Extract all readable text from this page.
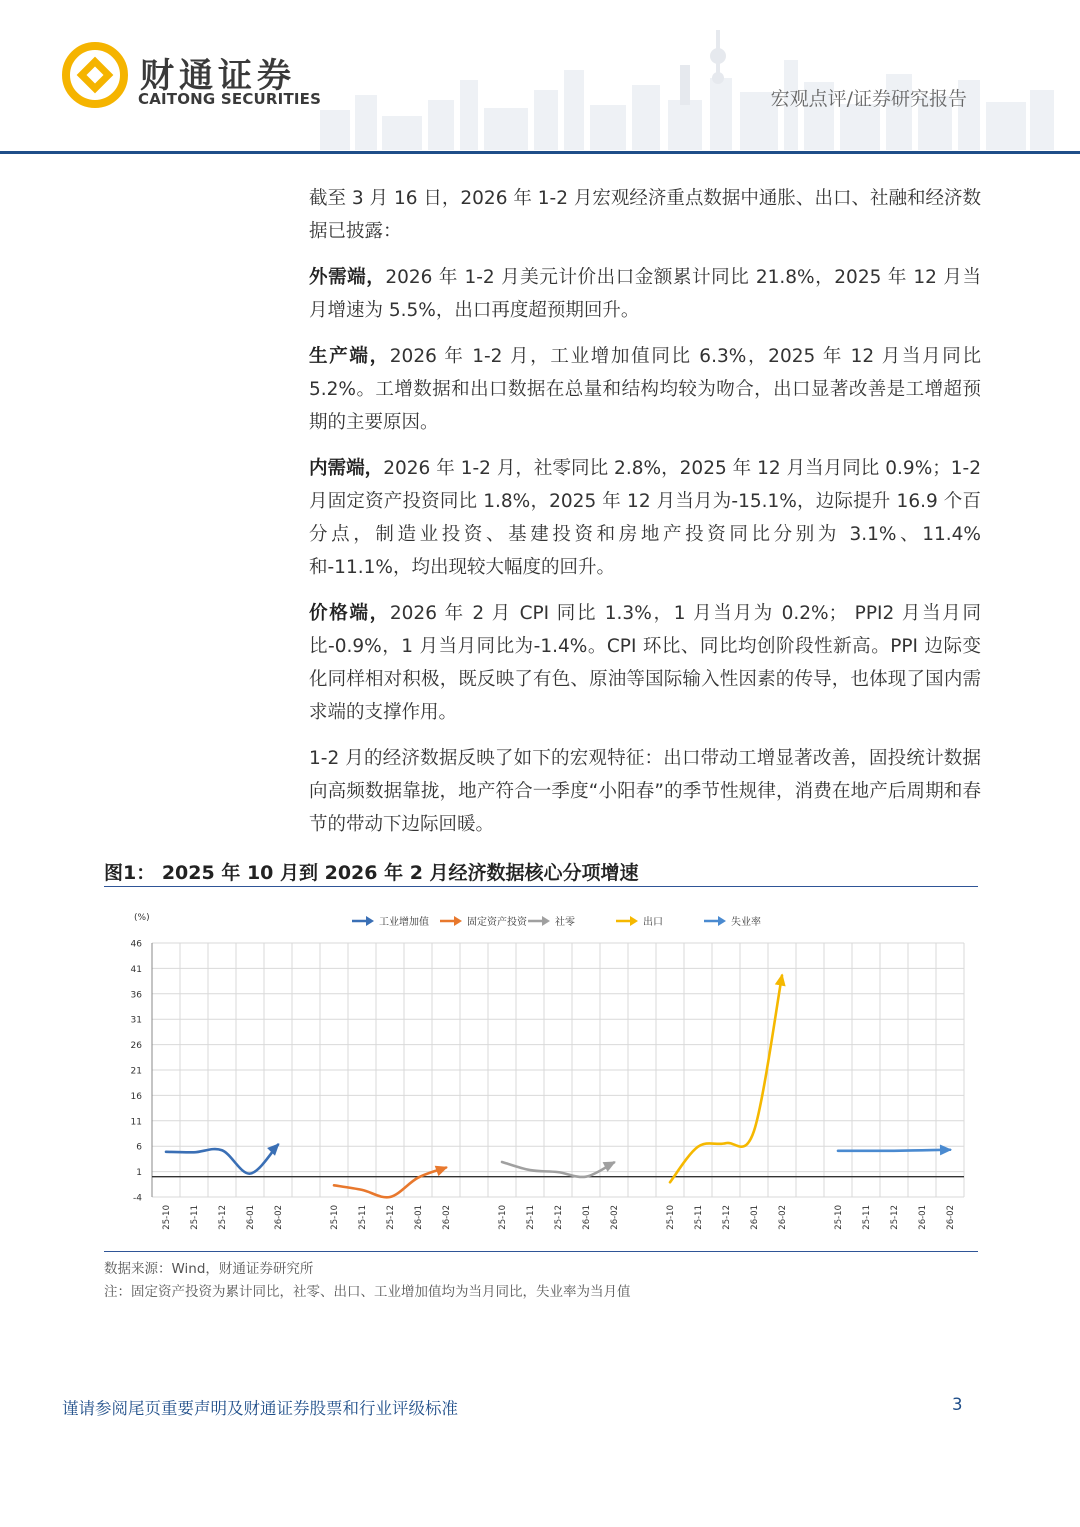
财通证券
CAITONG SECURITIES	宏观点评/证券研究报告

截至 3 月 16 日，2026 年 1-2 月宏观经济重点数据中通胀、出口、社融和经济数据已披露：

外需端，2026 年 1-2 月美元计价出口金额累计同比 21.8%，2025 年 12 月当月增速为 5.5%，出口再度超预期回升。

生产端，2026 年 1-2 月，工业增加值同比 6.3%，2025 年 12 月当月同比 5.2%。工增数据和出口数据在总量和结构均较为吻合，出口显著改善是工增超预期的主要原因。

内需端，2026 年 1-2 月，社零同比 2.8%，2025 年 12 月当月同比 0.9%；1-2 月固定资产投资同比 1.8%，2025 年 12 月当月为-15.1%，边际提升 16.9 个百分点，制造业投资、基建投资和房地产投资同比分别为 3.1%、11.4%和-11.1%，均出现较大幅度的回升。

价格端，2026 年 2 月 CPI 同比 1.3%，1 月当月为 0.2%； PPI2 月当月同比-0.9%，1 月当月同比为-1.4%。CPI 环比、同比均创阶段性新高。PPI 边际变化同样相对积极，既反映了有色、原油等国际输入性因素的传导，也体现了国内需求端的支撑作用。

1-2 月的经济数据反映了如下的宏观特征：出口带动工增显著改善，固投统计数据向高频数据靠拢，地产符合一季度“小阳春”的季节性规律，消费在地产后周期和春节的带动下边际回暖。

图1： 2025 年 10 月到 2026 年 2 月经济数据核心分项增速
46
41
36
31
26
21
16
11
6
1
-4
(%)	工业增加值	固定资产投资	社零	出口	失业率
25-10 25-11 25-12 26-01 26-02	25-10 25-11 25-12 26-01 26-02	25-10 25-11 25-12 26-01 26-02	25-10 25-11 25-12 26-01 26-02	25-10 25-11 25-12 26-01 26-02
数据来源：Wind，财通证券研究所
注：固定资产投资为累计同比，社零、出口、工业增加值均为当月同比，失业率为当月值
谨请参阅尾页重要声明及财通证券股票和行业评级标准	3
